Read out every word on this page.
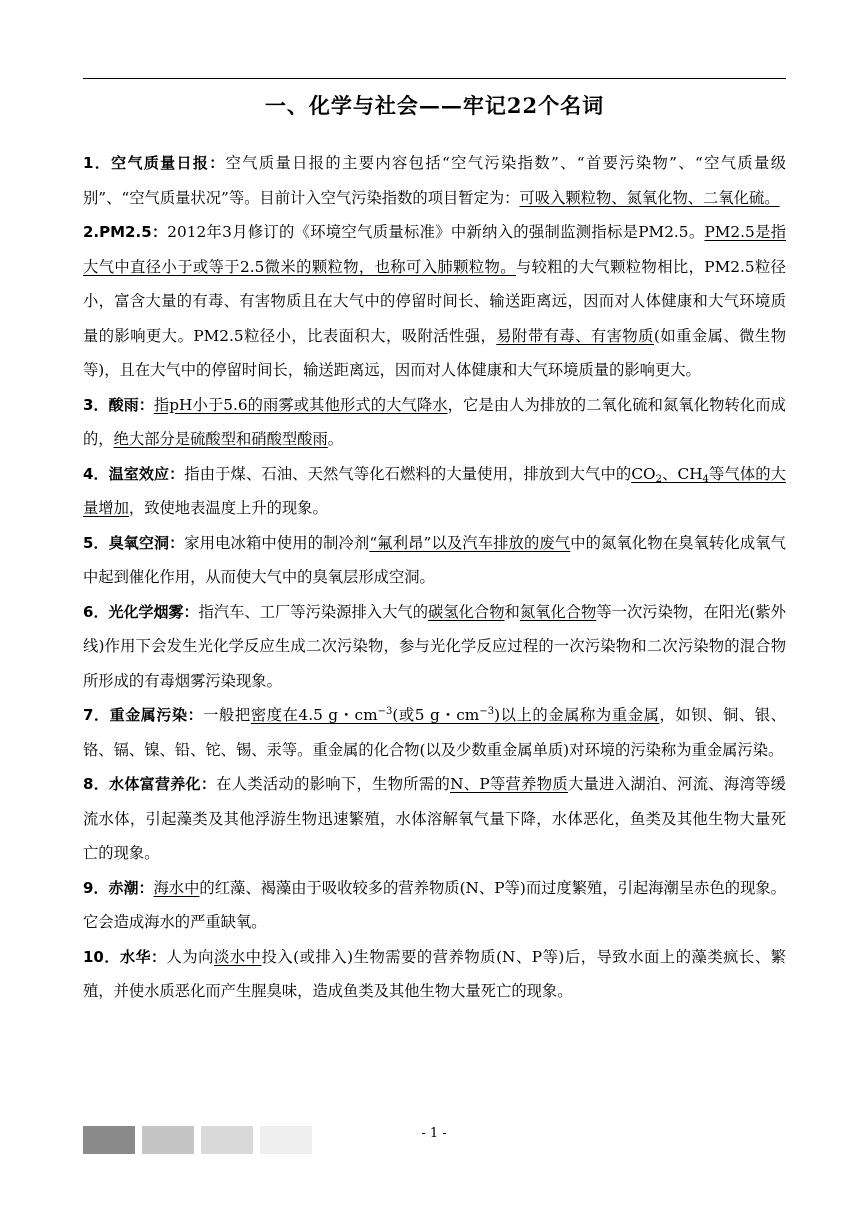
一、化学与社会——牢记22个名词

1．空气质量日报：空气质量日报的主要内容包括“空气污染指数”、“首要污染物”、“空气质量级别”、“空气质量状况”等。目前计入空气污染指数的项目暂定为：可吸入颗粒物、氮氧化物、二氧化硫。

2.PM2.5：2012年3月修订的《环境空气质量标准》中新纳入的强制监测指标是PM2.5。PM2.5是指大气中直径小于或等于2.5微米的颗粒物，也称可入肺颗粒物。与较粗的大气颗粒物相比，PM2.5粒径小，富含大量的有毒、有害物质且在大气中的停留时间长、输送距离远，因而对人体健康和大气环境质量的影响更大。PM2.5粒径小，比表面积大，吸附活性强，易附带有毒、有害物质(如重金属、微生物等)，且在大气中的停留时间长，输送距离远，因而对人体健康和大气环境质量的影响更大。

3．酸雨：指pH小于5.6的雨雾或其他形式的大气降水，它是由人为排放的二氧化硫和氮氧化物转化而成的，绝大部分是硫酸型和硝酸型酸雨。

4．温室效应：指由于煤、石油、天然气等化石燃料的大量使用，排放到大气中的$CO_2$、$CH_4$等气体的大量增加，致使地表温度上升的现象。

5．臭氧空洞：家用电冰箱中使用的制冷剂“氟利昂”以及汽车排放的废气中的氮氧化物在臭氧转化成氧气中起到催化作用，从而使大气中的臭氧层形成空洞。

6．光化学烟雾：指汽车、工厂等污染源排入大气的碳氢化合物和氮氧化合物等一次污染物，在阳光(紫外线)作用下会发生光化学反应生成二次污染物，参与光化学反应过程的一次污染物和二次污染物的混合物所形成的有毒烟雾污染现象。

7．重金属污染：一般把密度在4.5 g・$cm^{-3}$(或5 g・$cm^{-3}$)以上的金属称为重金属，如钡、铜、银、铬、镉、镍、铅、铊、锡、汞等。重金属的化合物(以及少数重金属单质)对环境的污染称为重金属污染。

8．水体富营养化：在人类活动的影响下，生物所需的N、P等营养物质大量进入湖泊、河流、海湾等缓流水体，引起藻类及其他浮游生物迅速繁殖，水体溶解氧气量下降，水体恶化，鱼类及其他生物大量死亡的现象。

9．赤潮：海水中的红藻、褐藻由于吸收较多的营养物质(N、P等)而过度繁殖，引起海潮呈赤色的现象。它会造成海水的严重缺氧。

10．水华：人为向淡水中投入(或排入)生物需要的营养物质(N、P等)后，导致水面上的藻类疯长、繁殖，并使水质恶化而产生腥臭味，造成鱼类及其他生物大量死亡的现象。

- 1 -
